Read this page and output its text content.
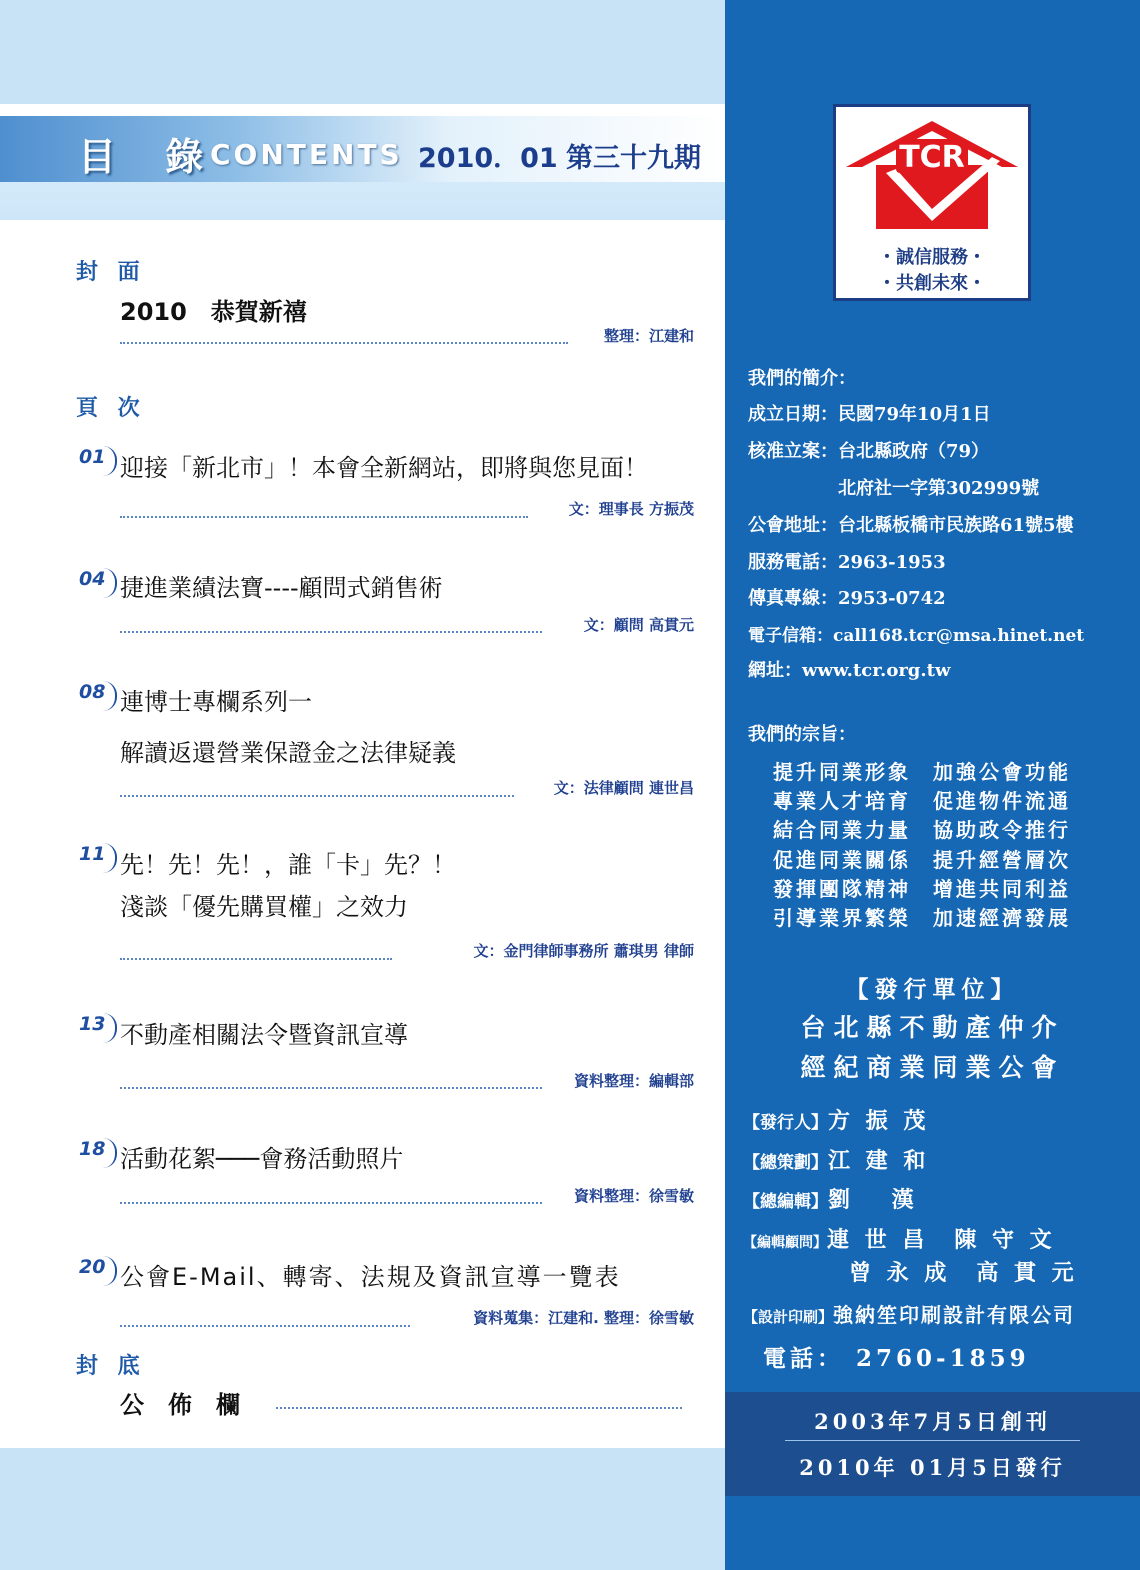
目 錄
CONTENTS 2010．01 第三十九期
封 面
2010　恭賀新禧
整理：江建和
頁 次
01 迎接「新北市」！本會全新網站，即將與您見面！
文：理事長 方振茂
04 捷進業績法寶----顧問式銷售術
文：顧問 高貫元
08 連博士專欄系列一
解讀返還營業保證金之法律疑義
文：法律顧問 連世昌
11 先！先！先！，誰「卡」先？！
淺談「優先購買權」之效力
文：金門律師事務所 蕭琪男 律師
13 不動產相關法令暨資訊宣導
資料整理：編輯部
18 活動花絮───會務活動照片
資料整理：徐雪敏
20 公會E-Mail、轉寄、法規及資訊宣導一覽表
資料蒐集：江建和. 整理：徐雪敏
封 底
公　佈　欄
TCR
・誠信服務・
・共創未來・
我們的簡介：
成立日期：民國79年10月1日
核准立案：台北縣政府（79）
　　　　　北府社一字第302999號
公會地址：台北縣板橋市民族路61號5樓
服務電話：2963-1953
傳真專線：2953-0742
電子信箱：call168.tcr@msa.hinet.net
網址：www.tcr.org.tw
我們的宗旨：
提升同業形象 加強公會功能
專業人才培育 促進物件流通
結合同業力量 協助政令推行
促進同業關係 提升經營層次
發揮團隊精神 增進共同利益
引導業界繁榮 加速經濟發展
【發行單位】
台北縣不動產仲介
經紀商業同業公會
【發行人】方 振 茂
【總策劃】江 建 和
【總編輯】劉　 漢
【編輯顧問】連 世 昌　陳 守 文
曾 永 成　高 貫 元
【設計印刷】強納笙印刷設計有限公司
電話： 2760-1859
2003年7月5日創刊
2010年 01月5日發行
